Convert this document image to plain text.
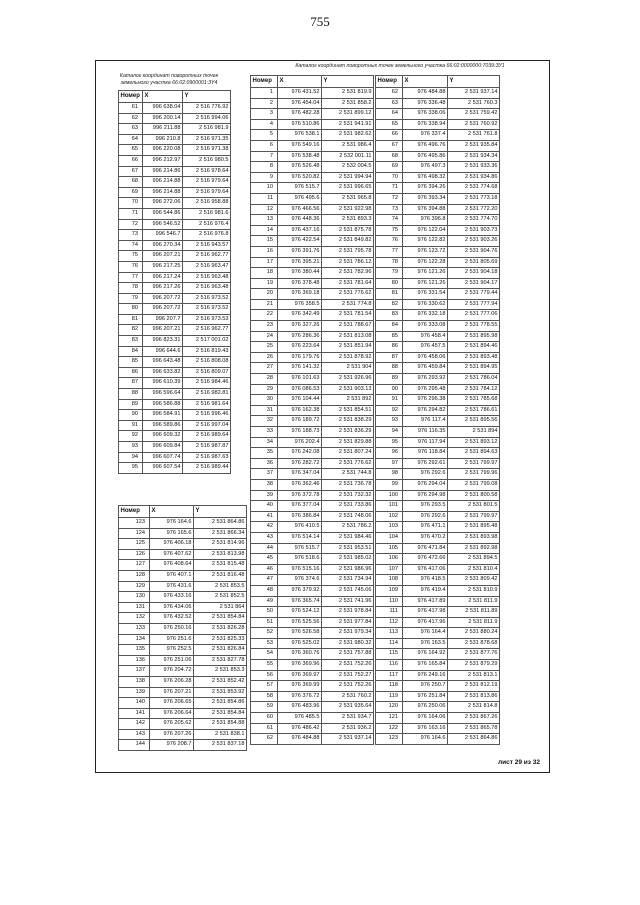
755
Каталог координат поворотных точек земельного участка 66:02:0900001:3Y4
Каталог координат поворотных точек земельного участка 66:02:0000000:7039:ЗУ1
Номер	X	Y
61	996 638.04	2 516 776.92
62	996 200.14	2 516 994.06
63	996 211.88	2 516 981.9
64	996 210.8	2 516 971.35
65	996 220.08	2 516 971.38
66	996 212.97	2 516 980.5
67	996 214.86	2 516 978.64
68	996 214.88	2 516 979.64
69	996 214.88	2 516 979.64
70	996 272.06	2 516 958.88
71	996 544.86	2 516 981.6
72	996 546.52	2 516 976.4
73	996 546.7	2 516 976.8
74	996 270.34	2 516 943.57
75	996 207.21	2 516 962.77
76	996 217.25	2 516 963.47
77	996 217.24	2 516 963.48
78	996 217.26	2 516 963.48
79	996 207.72	2 516 973.52
80	996 207.72	2 516 973.52
81	996 207.7	2 516 973.53
82	996 207.21	2 516 962.77
83	996 823.31	2 517 001.02
84	996 644.6	2 516 819.43
85	996 643.48	2 516 808.08
86	996 633.82	2 516 809.07
87	996 610.39	2 516 984.46
88	996 596.64	2 516 982.81
89	996 586.88	2 516 981.64
90	996 584.91	2 516 996.46
91	996 589.86	2 516 997.04
92	996 609.32	2 516 989.64
93	996 609.84	2 516 987.87
94	996 607.74	2 516 987.63
95	996 607.54	2 516 989.44
Номер	X	Y
123	976 164.6	2 531 864.86
124	976 165.6	2 531 866.34
125	976 406.18	2 531 814.96
126	976 407.62	2 531 813.98
127	976 408.64	2 531 815.48
128	976 407.1	2 531 816.48
129	976 431.6	2 531 853.5
130	976 433.16	2 531 852.5
131	976 434.06	2 531 864
132	976 432.52	2 531 854.84
133	976 250.16	2 531 826.28
134	976 251.6	2 531 825.33
135	976 252.5	2 531 826.84
136	976 251.06	2 531 827.78
137	976 204.72	2 531 853.3
138	976 206.28	2 531 852.42
139	976 207.21	2 531 853.92
140	976 206.65	2 531 854.86
141	976 206.64	2 531 854.84
142	976 205.62	2 531 854.88
143	976 207.26	2 531 838.1
144	976 208.7	2 531 837.18
Номер	X	Y
1	976 431.52	2 531 819.9
2	976 454.04	2 531 858.2
3	976 482.28	2 531 899.12
4	976 510.86	2 531 941.91
5	976 538.1	2 531 982.62
6	976 549.16	2 531 986.4
7	976 538.48	2 532 001.11
8	976 526.48	2 532 004.5
9	976 520.82	2 531 994.94
10	976 515.7	2 531 996.65
11	976 495.6	2 531 965.8
12	976 466.56	2 531 922.98
13	976 448.36	2 531 893.3
14	976 437.16	2 531 875.78
15	976 422.54	2 531 849.82
16	976 391.76	2 531 795.78
17	976 395.21	2 531 786.12
18	976 380.44	2 531 782.96
19	976 378.48	2 531 781.64
20	976 369.18	2 531 776.62
21	976 358.5	2 531 774.8
22	976 342.49	2 531 781.54
23	976 327.26	2 531 788.67
24	976 286.36	2 531 813.08
25	976 223.64	2 531 851.94
26	976 179.76	2 531 878.92
27	976 141.32	2 531 904
28	976 101.63	2 531 926.96
29	976 086.53	2 531 903.13
30	976 104.44	2 531 892
31	976 162.38	2 531 854.51
32	976 189.72	2 531 838.29
33	976 188.73	2 531 836.29
34	976 202.4	2 531 829.88
35	976 242.08	2 531 807.24
36	976 282.72	2 531 776.62
37	976 347.04	2 531 744.8
38	976 362.46	2 531 736.78
39	976 372.78	2 531 732.32
40	976 377.04	2 531 733.86
41	976 386.84	2 531 748.06
42	976 410.5	2 531 786.2
43	976 514.14	2 531 984.46
44	976 515.7	2 531 953.51
45	976 518.6	2 531 985.02
46	976 515.16	2 531 986.96
47	976 374.6	2 531 734.94
48	976 379.92	2 531 745.06
49	976 365.74	2 531 741.96
50	976 524.12	2 531 978.84
51	976 525.56	2 531 977.84
52	976 526.58	2 531 979.34
53	976 525.02	2 531 980.32
54	976 360.76	2 531 757.88
55	976 369.96	2 531 752.26
56	976 369.97	2 531 752.27
57	976 369.99	2 531 752.26
58	976 376.72	2 531 760.2
59	976 483.96	2 531 935.64
60	976 485.5	2 531 934.7
61	976 486.42	2 531 936.2
62	976 484.88	2 531 937.14
Номер	X	Y
62	976 484.88	2 531 937.14
63	976 336.48	2 531 760.3
64	976 338.06	2 531 759.42
65	976 338.94	2 531 760.92
66	976 337.4	2 531 761.8
67	976 496.76	2 531 935.84
68	976 495.86	2 531 934.34
69	976 497.3	2 531 933.36
70	976 498.32	2 531 934.86
71	976 394.26	2 531 774.68
72	976 393.34	2 531 773.18
73	976 394.88	2 531 772.20
74	976 396.8	2 531 774.70
75	976 122.04	2 531 903.73
76	976 122.82	2 531 903.26
77	976 123.72	2 531 904.76
78	976 122.28	2 531 805.69
79	976 121.26	2 531 904.18
80	976 121.26	2 531 904.17
81	976 331.54	2 531 779.44
82	976 330.62	2 531 777.94
83	976 332.18	2 531 777.06
84	976 333.08	2 531 778.55
85	976 458.4	2 531 895.98
86	976 457.5	2 531 894.46
87	976 458.06	2 531 893.48
88	976 459.84	2 531 894.95
89	976 293.92	2 531 786.04
90	976 295.48	2 531 784.12
91	976 296.38	2 531 785.68
92	976 294.82	2 531 786.61
93	976 117.4	2 531 895.56
94	976 116.35	2 531 894
95	976 117.94	2 531 893.12
96	976 118.84	2 531 894.63
97	976 292.61	2 531 799.97
98	976 292.6	2 531 799.96
99	976 294.04	2 531 799.08
100	976 294.98	2 531 800.58
101	976 293.5	2 531 801.5
102	976 292.6	2 531 799.97
103	976 471.1	2 531 895.48
104	976 470.2	2 531 893.98
105	976 471.84	2 531 892.98
106	976 472.66	2 531 894.5
107	976 417.06	2 531 810.4
108	976 418.5	2 531 809.42
109	976 419.4	2 531 810.9
110	976 417.89	2 531 811.9
111	976 417.98	2 531 811.89
112	976 417.96	2 531 811.9
113	976 164.4	2 531 880.24
114	976 163.5	2 531 878.68
115	976 164.92	2 531 877.76
116	976 165.84	2 531 879.29
117	976 249.16	2 531 813.1
118	976 250.7	2 531 812.19
119	976 251.84	2 531 813.86
120	976 250.06	2 531 814.8
121	976 164.06	2 531 867.26
122	976 163.16	2 531 865.78
123	976 164.6	2 531 864.86
лист 29 из 32
